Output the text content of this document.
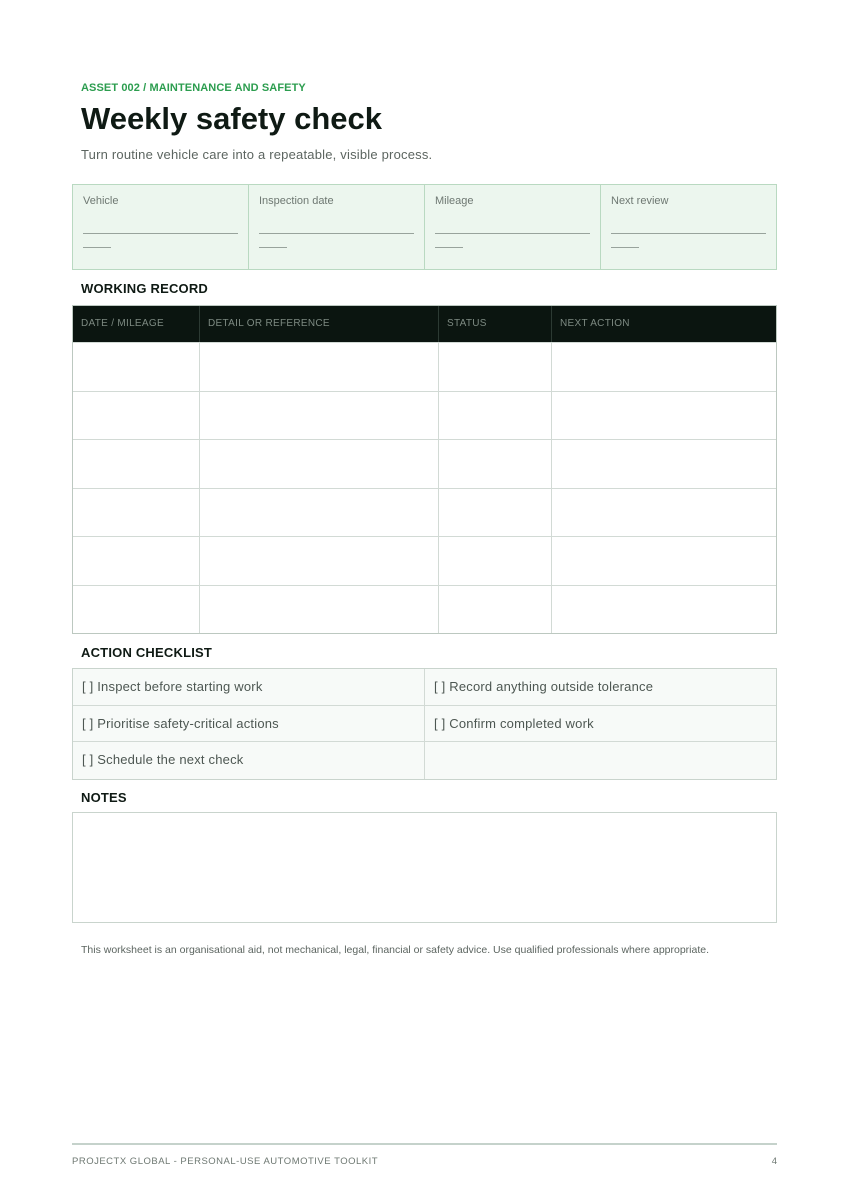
ASSET 002 / MAINTENANCE AND SAFETY
Weekly safety check
Turn routine vehicle care into a repeatable, visible process.
Vehicle	Inspection date	Mileage	Next review
WORKING RECORD
DATE / MILEAGE	DETAIL OR REFERENCE	STATUS	NEXT ACTION
ACTION CHECKLIST
[ ] Inspect before starting work	[ ] Record anything outside tolerance
[ ] Prioritise safety-critical actions	[ ] Confirm completed work
[ ] Schedule the next check
NOTES

This worksheet is an organisational aid, not mechanical, legal, financial or safety advice. Use qualified professionals where appropriate.

PROJECTX GLOBAL - PERSONAL-USE AUTOMOTIVE TOOLKIT	4
